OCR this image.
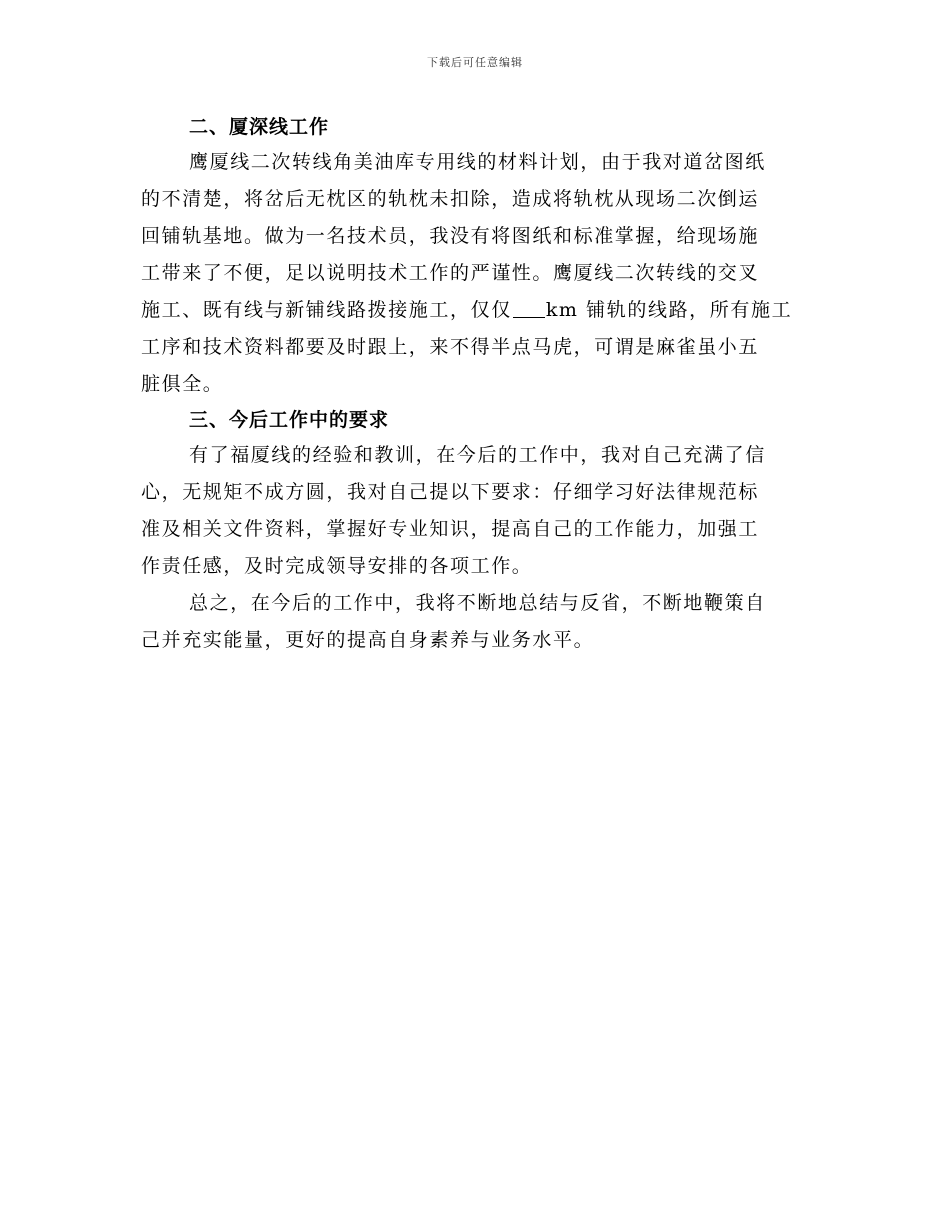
下载后可任意编辑
二、厦深线工作
鹰厦线二次转线角美油库专用线的材料计划，由于我对道岔图纸
的不清楚，将岔后无枕区的轨枕未扣除，造成将轨枕从现场二次倒运
回铺轨基地。做为一名技术员，我没有将图纸和标准掌握，给现场施
工带来了不便，足以说明技术工作的严谨性。鹰厦线二次转线的交叉
施工、既有线与新铺线路拨接施工，仅仅 km 铺轨的线路，所有施工
工序和技术资料都要及时跟上，来不得半点马虎，可谓是麻雀虽小五
脏俱全。
三、今后工作中的要求
有了福厦线的经验和教训，在今后的工作中，我对自己充满了信
心，无规矩不成方圆，我对自己提以下要求：仔细学习好法律规范标
准及相关文件资料，掌握好专业知识，提高自己的工作能力，加强工
作责任感，及时完成领导安排的各项工作。
总之，在今后的工作中，我将不断地总结与反省，不断地鞭策自
己并充实能量，更好的提高自身素养与业务水平。
